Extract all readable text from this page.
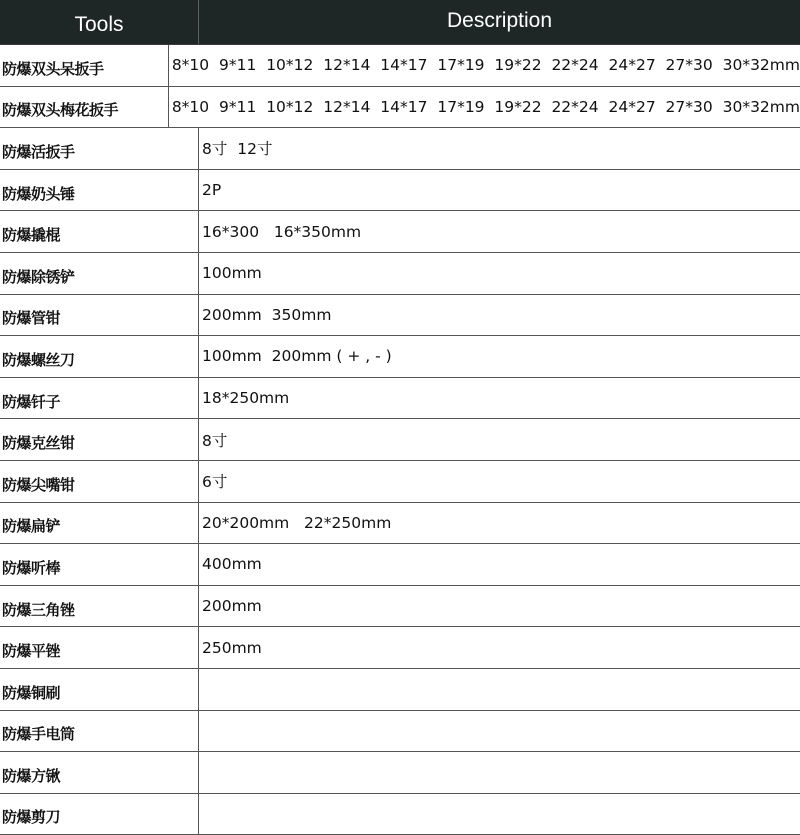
Tools	Description
防爆双头呆扳手	8*10  9*11  10*12  12*14  14*17  17*19  19*22  22*24  24*27  27*30  30*32mm
防爆双头梅花扳手	8*10  9*11  10*12  12*14  14*17  17*19  19*22  22*24  24*27  27*30  30*32mm
防爆活扳手	8寸  12寸
防爆奶头锤	2P
防爆撬棍	16*300   16*350mm
防爆除锈铲	100mm
防爆管钳	200mm  350mm
防爆螺丝刀	100mm  200mm ( + , - )
防爆钎子	18*250mm
防爆克丝钳	8寸
防爆尖嘴钳	6寸
防爆扁铲	20*200mm   22*250mm
防爆听棒	400mm
防爆三角锉	200mm
防爆平锉	250mm
防爆铜刷
防爆手电筒
防爆方锹
防爆剪刀
